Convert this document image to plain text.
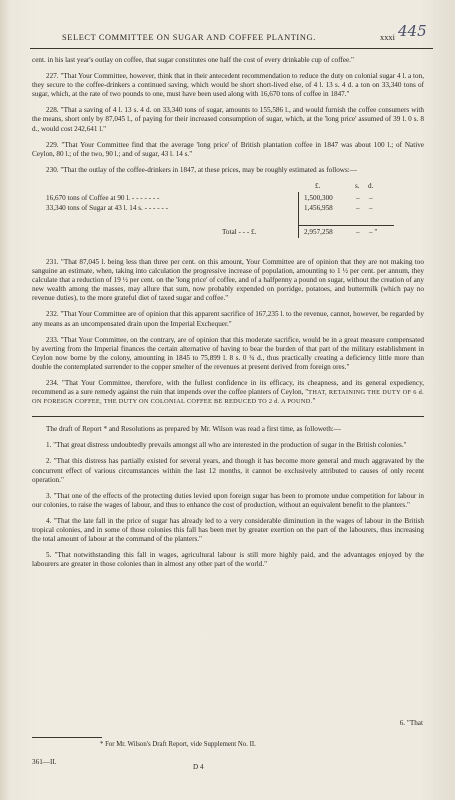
SELECT COMMITTEE ON SUGAR AND COFFEE PLANTING.	xxxi 445

cent. in his last year's outlay on coffee, that sugar constitutes one half the cost of every drinkable cup of coffee."

227. "That Your Committee, however, think that in their antecedent recommendation to reduce the duty on colonial sugar 4 l. a ton, they secure to the coffee-drinkers a continued saving, which would be short short-lived else, of 4 l. 13 s. 4 d. a ton on 33,340 tons of sugar, which, at the rate of two pounds to one, must have been used along with 16,670 tons of coffee in 1847."

228. "That a saving of 4 l. 13 s. 4 d. on 33,340 tons of sugar, amounts to 155,586 l., and would furnish the coffee consumers with the means, short only by 87,045 l., of paying for their increased consumption of sugar, which, at the 'long price' assumed of 39 l. 0 s. 8 d., would cost 242,641 l."

229. "That Your Committee find that the average 'long price' of British plantation coffee in 1847 was about 100 l.; of Native Ceylon, 80 l.; of the two, 90 l.; and of sugar, 43 l. 14 s."

230. "That the outlay of the coffee-drinkers in 1847, at these prices, may be roughly estimated as follows:—

£.	s. d.
16,670 tons of Coffee at 90 l. - - - - - - -	1,500,300	– –
33,340 tons of Sugar at 43 l. 14 s. - - - - - -	1,456,958	– –
Total - - - £.	2,957,258	– – "

231. "That 87,045 l. being less than three per cent. on this amount, Your Committee are of opinion that they are not making too sanguine an estimate, when, taking into calculation the progressive increase of population, amounting to 1 ½ per cent. per annum, they calculate that a reduction of 19 ½ per cent. on the 'long price' of coffee, and of a halfpenny a pound on sugar, without the creation of any new wealth among the masses, may allure that sum, now probably expended on porridge, potatoes, and buttermilk (which pay no revenue duties), to the more grateful diet of taxed sugar and coffee."

232. "That Your Committee are of opinion that this apparent sacrifice of 167,235 l. to the revenue, cannot, however, be regarded by any means as an uncompensated drain upon the Imperial Exchequer."

233. "That Your Committee, on the contrary, are of opinion that this moderate sacrifice, would be in a great measure compensated by averting from the Imperial finances the certain alternative of having to bear the burden of that part of the military establishment in Ceylon now borne by the colony, amounting in 1845 to 75,899 l. 8 s. 0 ¾ d., thus practically creating a deficiency little more than double the contemplated surrender to the copper smelter of the revenues at present derived from foreign ores."

234. "That Your Committee, therefore, with the fullest confidence in its efficacy, its cheapness, and its general expediency, recommend as a sure remedy against the ruin that impends over the coffee planters of Ceylon, "THAT, RETAINING THE DUTY OF 6 d. ON FOREIGN COFFEE, THE DUTY ON COLONIAL COFFEE BE REDUCED TO 2 d. A POUND."

The draft of Report * and Resolutions as prepared by Mr. Wilson was read a first time, as followeth:—

1. "That great distress undoubtedly prevails amongst all who are interested in the production of sugar in the British colonies."

2. "That this distress has partially existed for several years, and though it has become more general and much aggravated by the concurrent effect of various circumstances within the last 12 months, it cannot be exclusively attributed to causes of only recent operation."

3. "That one of the effects of the protecting duties levied upon foreign sugar has been to promote undue competition for labour in our colonies, to raise the wages of labour, and thus to enhance the cost of production, without an equivalent benefit to the planters."

4. "That the late fall in the price of sugar has already led to a very considerable diminution in the wages of labour in the British tropical colonies, and in some of those colonies this fall has been met by greater exertion on the part of the labourers, thus increasing the total amount of labour at the command of the planters."

5. "That notwithstanding this fall in wages, agricultural labour is still more highly paid, and the advantages enjoyed by the labourers are greater in those colonies than in almost any other part of the world."

6. "That
* For Mr. Wilson's Draft Report, vide Supplement No. II.
361—II.
D 4
